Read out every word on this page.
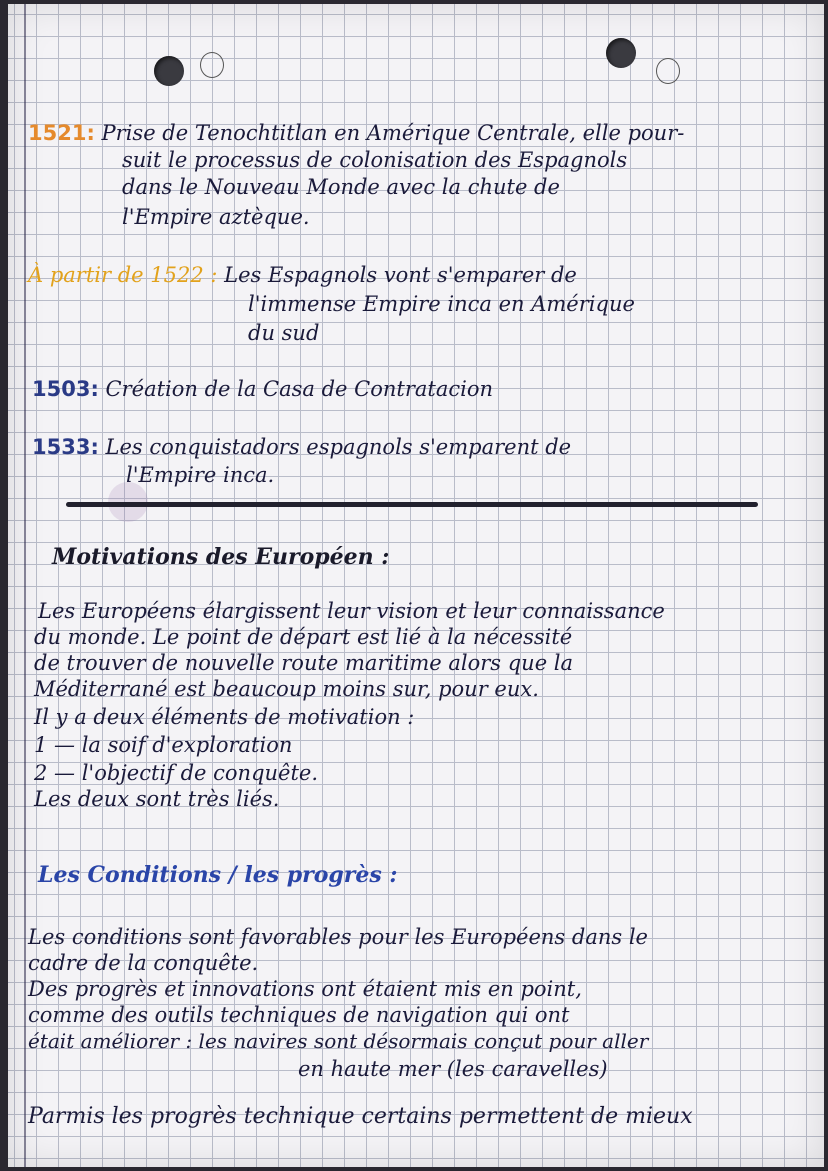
1521: Prise de Tenochtitlan en Amérique Centrale, elle pour-
suit le processus de colonisation des Espagnols
dans le Nouveau Monde avec la chute de
l'Empire aztèque.
À partir de 1522 : Les Espagnols vont s'emparer de
l'immense Empire inca en Amérique
du sud
1503: Création de la Casa de Contratacion
1533: Les conquistadors espagnols s'emparent de
l'Empire inca.
Motivations des Européen :
Les Européens élargissent leur vision et leur connaissance
du monde. Le point de départ est lié à la nécessité
de trouver de nouvelle route maritime alors que la
Méditerrané est beaucoup moins sur, pour eux.
Il y a deux éléments de motivation :
1 — la soif d'exploration
2 — l'objectif de conquête.
Les deux sont très liés.
Les Conditions / les progrès :
Les conditions sont favorables pour les Européens dans le
cadre de la conquête.
Des progrès et innovations ont étaient mis en point,
comme des outils techniques de navigation qui ont
était améliorer : les navires sont désormais conçut pour aller
en haute mer (les caravelles)
Parmis les progrès technique certains permettent de mieux
